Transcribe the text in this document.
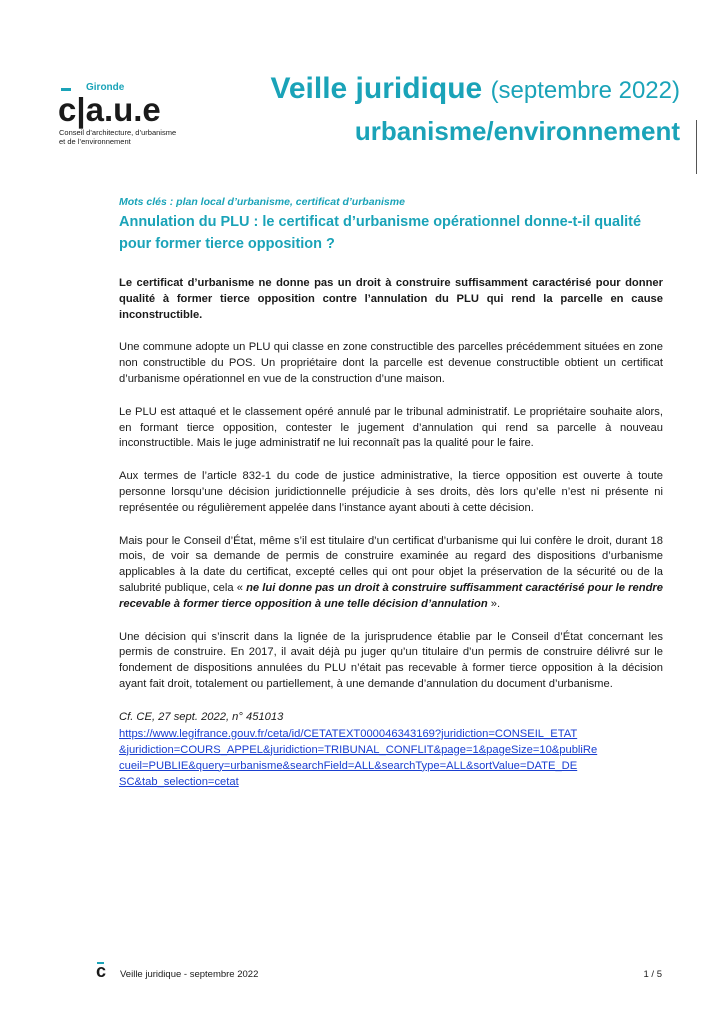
Gironde
c|a.u.e
Conseil d’architecture, d’urbanisme
et de l’environnement
Veille juridique (septembre 2022)
urbanisme/environnement
Mots clés : plan local d’urbanisme, certificat d’urbanisme
Annulation du PLU : le certificat d’urbanisme opérationnel donne-t-il qualité pour former tierce opposition ?

Le certificat d’urbanisme ne donne pas un droit à construire suffisamment caractérisé pour donner qualité à former tierce opposition contre l’annulation du PLU qui rend la parcelle en cause inconstructible.

Une commune adopte un PLU qui classe en zone constructible des parcelles précédemment situées en zone non constructible du POS. Un propriétaire dont la parcelle est devenue constructible obtient un certificat d’urbanisme opérationnel en vue de la construction d’une maison.

Le PLU est attaqué et le classement opéré annulé par le tribunal administratif. Le propriétaire souhaite alors, en formant tierce opposition, contester le jugement d’annulation qui rend sa parcelle à nouveau inconstructible. Mais le juge administratif ne lui reconnaît pas la qualité pour le faire.

Aux termes de l’article 832-1 du code de justice administrative, la tierce opposition est ouverte à toute personne lorsqu’une décision juridictionnelle préjudicie à ses droits, dès lors qu’elle n’est ni présente ni représentée ou régulièrement appelée dans l’instance ayant abouti à cette décision.

Mais pour le Conseil d’État, même s’il est titulaire d’un certificat d’urbanisme qui lui confère le droit, durant 18 mois, de voir sa demande de permis de construire examinée au regard des dispositions d’urbanisme applicables à la date du certificat, excepté celles qui ont pour objet la préservation de la sécurité ou de la salubrité publique, cela « ne lui donne pas un droit à construire suffisamment caractérisé pour le rendre recevable à former tierce opposition à une telle décision d’annulation ».

Une décision qui s’inscrit dans la lignée de la jurisprudence établie par le Conseil d’État concernant les permis de construire. En 2017, il avait déjà pu juger qu’un titulaire d’un permis de construire délivré sur le fondement de dispositions annulées du PLU n’était pas recevable à former tierce opposition à la décision ayant fait droit, totalement ou partiellement, à une demande d’annulation du document d’urbanisme.

Cf. CE, 27 sept. 2022, n° 451013
https://www.legifrance.gouv.fr/ceta/id/CETATEXT000046343169?juridiction=CONSEIL_ETAT
&juridiction=COURS_APPEL&juridiction=TRIBUNAL_CONFLIT&page=1&pageSize=10&publiRe
cueil=PUBLIE&query=urbanisme&searchField=ALL&searchType=ALL&sortValue=DATE_DE
SC&tab_selection=cetat
c Veille juridique - septembre 2022	1 / 5
